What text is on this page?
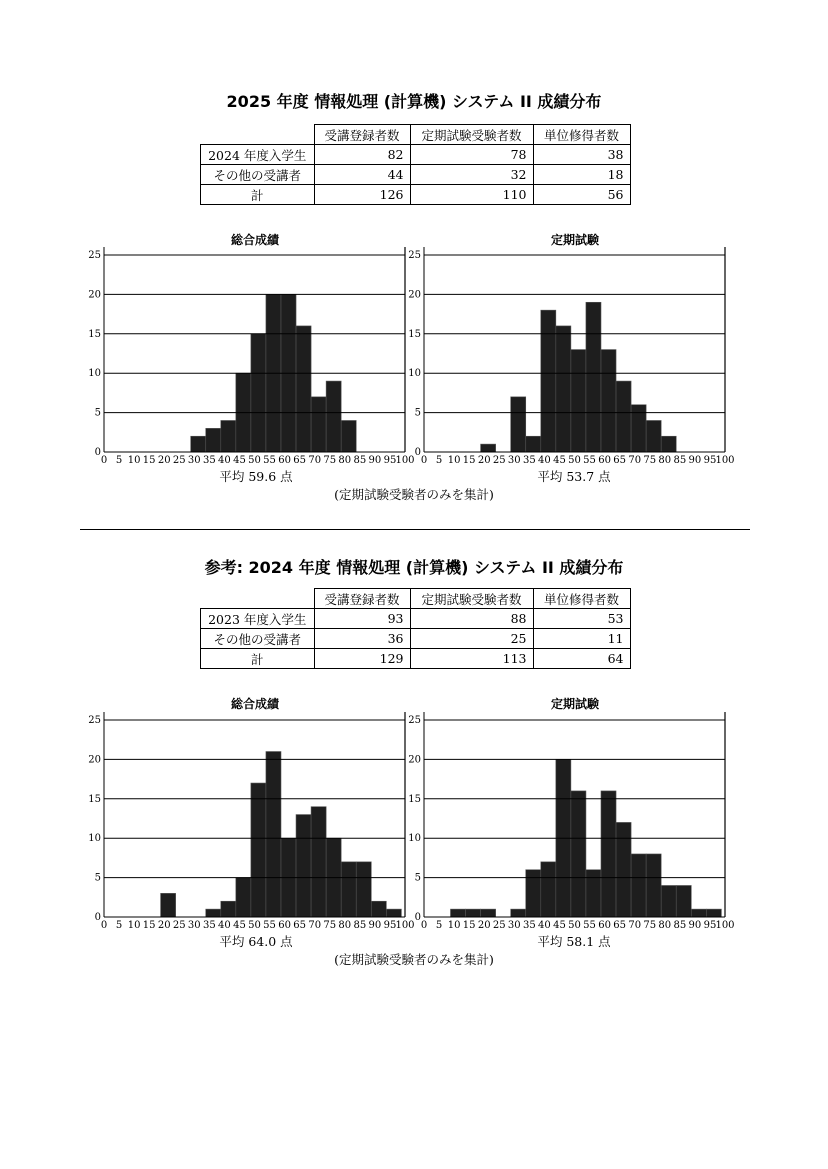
2025 年度 情報処理 (計算機) システム II 成績分布
	受講登録者数	定期試験受験者数	単位修得者数
2024 年度入学生	82	78	38
その他の受講者	44	32	18
計	126	110	56
総合成績	定期試験
0
5
10
15
20
25
0 5 10 15 20 25 30 35 40 45 50 55 60 65 70 75 80 85 90 95 100
0
5
10
15
20
25
0 5 10 15 20 25 30 35 40 45 50 55 60 65 70 75 80 85 90 95 100
平均 59.6 点	平均 53.7 点
(定期試験受験者のみを集計)
参考: 2024 年度 情報処理 (計算機) システム II 成績分布
	受講登録者数	定期試験受験者数	単位修得者数
2023 年度入学生	93	88	53
その他の受講者	36	25	11
計	129	113	64
総合成績	定期試験
0
5
10
15
20
25
0 5 10 15 20 25 30 35 40 45 50 55 60 65 70 75 80 85 90 95 100
0
5
10
15
20
25
0 5 10 15 20 25 30 35 40 45 50 55 60 65 70 75 80 85 90 95 100
平均 64.0 点	平均 58.1 点
(定期試験受験者のみを集計)
